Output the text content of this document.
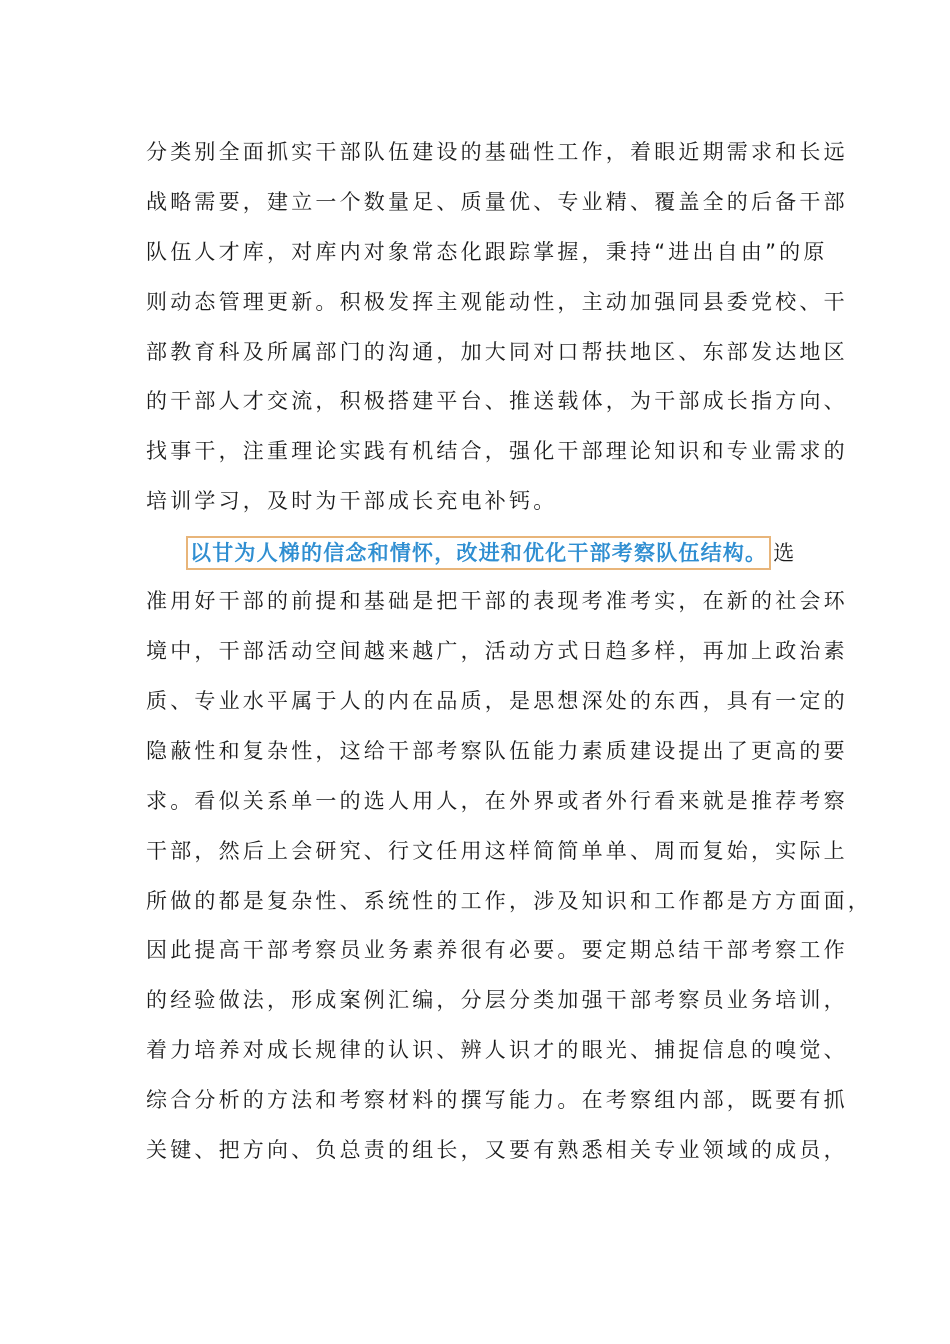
分类别全面抓实干部队伍建设的基础性工作，着眼近期需求和长远
战略需要，建立一个数量足、质量优、专业精、覆盖全的后备干部
队伍人才库，对库内对象常态化跟踪掌握，秉持“进出自由”的原
则动态管理更新。积极发挥主观能动性，主动加强同县委党校、干
部教育科及所属部门的沟通，加大同对口帮扶地区、东部发达地区
的干部人才交流，积极搭建平台、推送载体，为干部成长指方向、
找事干，注重理论实践有机结合，强化干部理论知识和专业需求的
培训学习，及时为干部成长充电补钙。
以甘为人梯的信念和情怀，改进和优化干部考察队伍结构。 选
准用好干部的前提和基础是把干部的表现考准考实，在新的社会环
境中，干部活动空间越来越广，活动方式日趋多样，再加上政治素
质、专业水平属于人的内在品质，是思想深处的东西，具有一定的
隐蔽性和复杂性，这给干部考察队伍能力素质建设提出了更高的要
求。看似关系单一的选人用人，在外界或者外行看来就是推荐考察
干部，然后上会研究、行文任用这样简简单单、周而复始，实际上
所做的都是复杂性、系统性的工作，涉及知识和工作都是方方面面，
因此提高干部考察员业务素养很有必要。要定期总结干部考察工作
的经验做法，形成案例汇编，分层分类加强干部考察员业务培训，
着力培养对成长规律的认识、辨人识才的眼光、捕捉信息的嗅觉、
综合分析的方法和考察材料的撰写能力。在考察组内部，既要有抓
关键、把方向、负总责的组长，又要有熟悉相关专业领域的成员，
